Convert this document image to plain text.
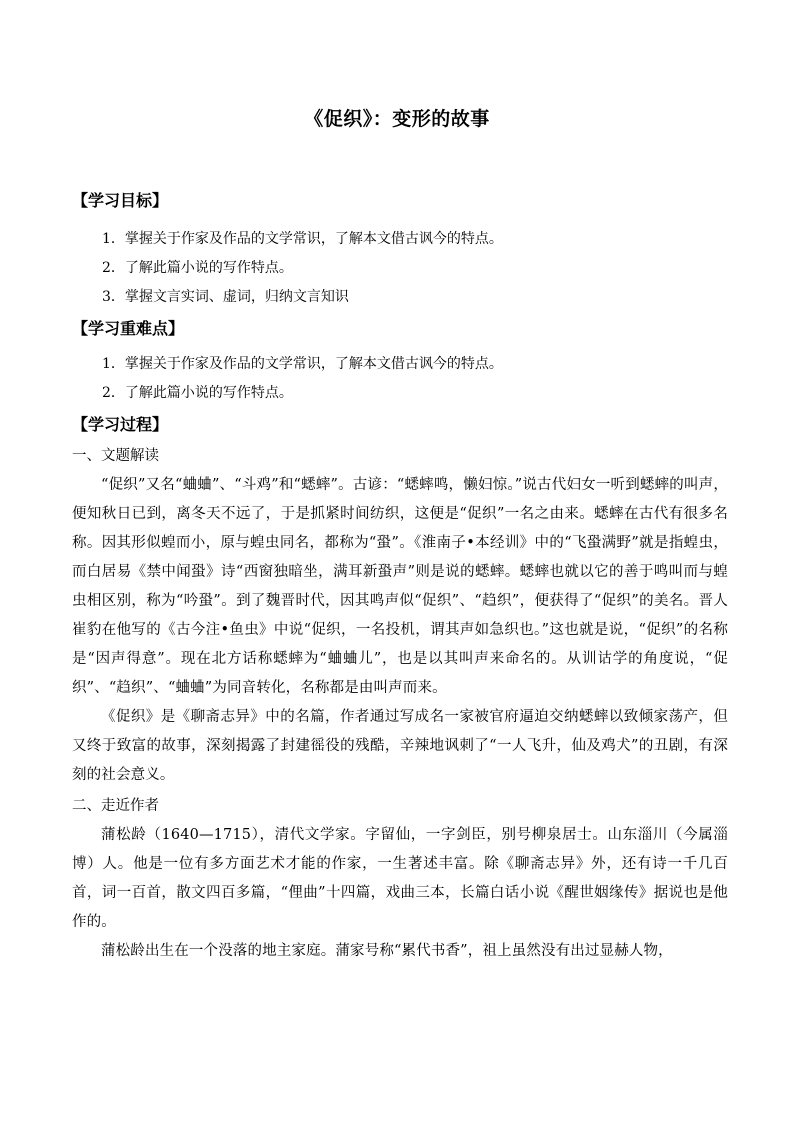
《促织》：变形的故事
【学习目标】
1．掌握关于作家及作品的文学常识，了解本文借古讽今的特点。
2．了解此篇小说的写作特点。
3．掌握文言实词、虚词，归纳文言知识
【学习重难点】
1．掌握关于作家及作品的文学常识，了解本文借古讽今的特点。
2．了解此篇小说的写作特点。
【学习过程】
一、文题解读

“促织”又名“蛐蛐”、“斗鸡”和“蟋蟀”。古谚：“蟋蟀鸣，懒妇惊。”说古代妇女一听到蟋蟀的叫声，便知秋日已到，离冬天不远了，于是抓紧时间纺织，这便是“促织”一名之由来。蟋蟀在古代有很多名称。因其形似蝗而小，原与蝗虫同名，都称为“蛩”。《淮南子•本经训》中的“飞蛩满野”就是指蝗虫，而白居易《禁中闻蛩》诗“西窗独暗坐，满耳新蛩声”则是说的蟋蟀。蟋蟀也就以它的善于鸣叫而与蝗虫相区别，称为“吟蛩”。到了魏晋时代，因其鸣声似“促织”、“趋织”，便获得了“促织”的美名。晋人崔豹在他写的《古今注•鱼虫》中说“促织，一名投机，谓其声如急织也。”这也就是说，“促织”的名称是“因声得意”。现在北方话称蟋蟀为“蛐蛐儿”，也是以其叫声来命名的。从训诂学的角度说，“促织”、“趋织”、“蛐蛐”为同音转化，名称都是由叫声而来。

《促织》是《聊斋志异》中的名篇，作者通过写成名一家被官府逼迫交纳蟋蟀以致倾家荡产，但又终于致富的故事，深刻揭露了封建徭役的残酷，辛辣地讽刺了“一人飞升，仙及鸡犬”的丑剧，有深刻的社会意义。

二、走近作者

蒲松龄（1640—1715），清代文学家。字留仙，一字剑臣，别号柳泉居士。山东淄川（今属淄博）人。他是一位有多方面艺术才能的作家，一生著述丰富。除《聊斋志异》外，还有诗一千几百首，词一百首，散文四百多篇，“俚曲”十四篇，戏曲三本，长篇白话小说《醒世姻缘传》据说也是他作的。

蒲松龄出生在一个没落的地主家庭。蒲家号称“累代书香”，祖上虽然没有出过显赫人物，
